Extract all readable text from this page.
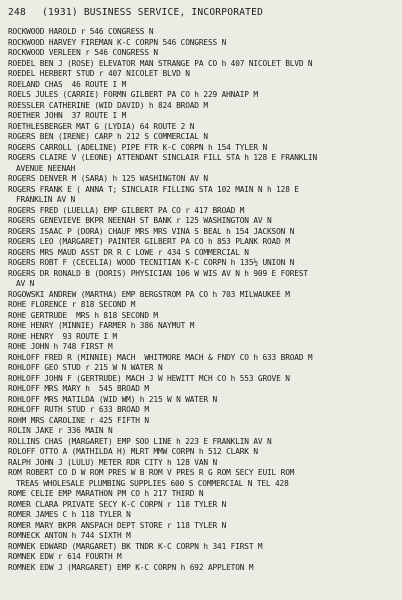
248	(1931) BUSINESS SERVICE, INCORPORATED
ROCKWOOD HAROLD r 546 CONGRESS N
ROCKWOOD HARVEY FIREMAN K-C CORPN 546 CONGRESS N
ROCKWOOD VERLEEN r 546 CONGRESS N
ROEDEL BEN J (ROSE) ELEVATOR MAN STRANGE PA CO h 407 NICOLET BLVD N
ROEDEL HERBERT STUD r 407 NICOLET BLVD N
ROELAND CHAS  46 ROUTE I M
ROELS JULES (CARRIE) FORMN GILBERT PA CO h 229 AHNAIP M
ROESSLER CATHERINE (WID DAVID) h 824 BROAD M
ROETHER JOHN  37 ROUTE I M
ROETHLESBERGER MAT G (LYDIA) 64 ROUTE 2 N
ROGERS BEN (IRENE) CARP h 212 S COMMERCIAL N
ROGERS CARROLL (ADELINE) PIPE FTR K-C CORPN h 154 TYLER N
ROGERS CLAIRE V (LEONE) ATTENDANT SINCLAIR FILL STA h 128 E FRANKLIN
AVENUE NEENAH
ROGERS DENVER M (SARA) h 125 WASHINGTON AV N
ROGERS FRANK E ( ANNA T; SINCLAIR FILLING STA 102 MAIN N h 128 E
FRANKLIN AV N
ROGERS FRED (LUELLA) EMP GILBERT PA CO r 417 BROAD M
ROGERS GENEVIEVE BKPR NEENAH ST BANK r 125 WASHINGTON AV N
ROGERS ISAAC P (DORA) CHAUF MRS MRS VINA S BEAL h 154 JACKSON N
ROGERS LEO (MARGARET) PAINTER GILBERT PA CO h 853 PLANK ROAD M
ROGERS MRS MAUD ASST DR R C LOWE r 434 S COMMERCIAL N
ROGERS ROBT F (CECELIA) WOOD TECNITIAN K-C CORPN h 135½ UNION N
ROGERS DR RONALD B (DORIS) PHYSICIAN 106 W WIS AV N h 909 E FOREST
AV N
ROGOWSKI ANDREW (MARTHA) EMP BERGSTROM PA CO h 703 MILWAUKEE M
ROHE FLORENCE r 818 SECOND M
ROHE GERTRUDE  MRS h 818 SECOND M
ROHE HENRY (MINNIE) FARMER h 386 NAYMUT M
ROHE HENRY  93 ROUTE I M
ROHE JOHN h 748 FIRST M
ROHLOFF FRED R (MINNIE) MACH  WHITMORE MACH & FNDY CO h 633 BROAD M
ROHLOFF GEO STUD r 215 W N WATER N
ROHLOFF JOHN F (GERTRUDE) MACH J W HEWITT MCH CO h 553 GROVE N
ROHLOFF MRS MARY h  545 BROAD M
ROHLOFF MRS MATILDA (WID WM) h 215 W N WATER N
ROHLOFF RUTH STUD r 633 BROAD M
ROHM MRS CAROLINE r 425 FIFTH N
ROLIN JAKE r 336 MAIN N
ROLLINS CHAS (MARGARET) EMP SOO LINE h 223 E FRANKLIN AV N
ROLOFF OTTO A (MATHILDA H) MLRT MMW CORPN h 512 CLARK N
RALPH JOHN J (LULU) METER RDR CITY h 128 VAN N
ROM ROBERT CO D W ROM PRES W B ROM V PRES R G ROM SECY EUIL ROM
TREAS WHOLESALE PLUMBING SUPPLIES 600 S COMMERCIAL N TEL 428
ROME CELIE EMP MARATHON PM CO h 217 THIRD N
ROMER CLARA PRIVATE SECY K-C CORPN r 118 TYLER N
ROMER JAMES C h 118 TYLER N
ROMER MARY BKPR ANSPACH DEPT STORE r 118 TYLER N
ROMNECK ANTON h 744 SIXTH M
ROMNEK EDWARD (MARGARET) BK TNDR K-C CORPN h 341 FIRST M
ROMNEK EDW r 614 FOURTH M
ROMNEK EDW J (MARGARET) EMP K-C CORPN h 692 APPLETON M
